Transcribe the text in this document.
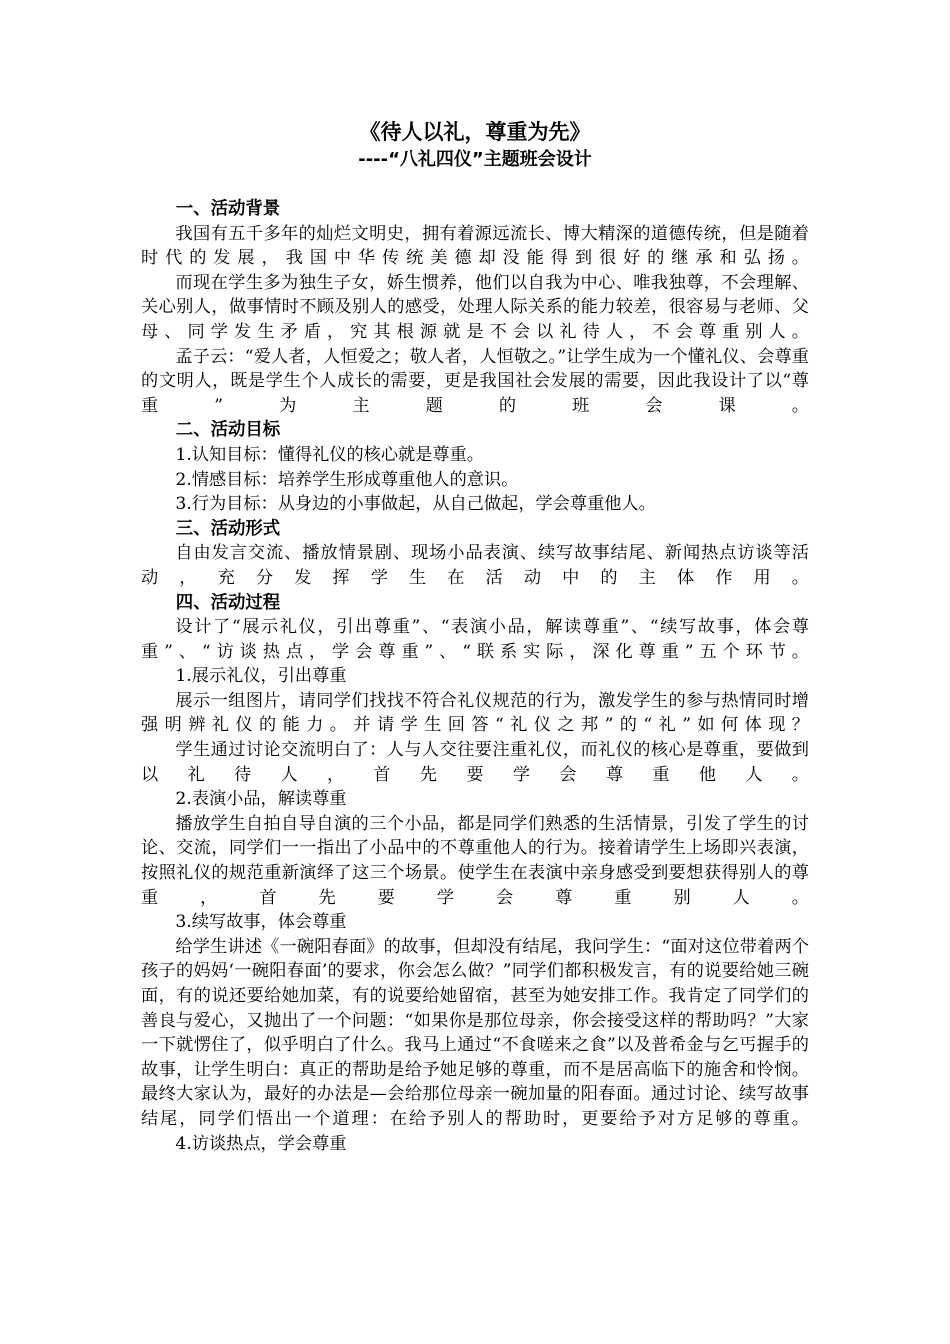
《待人以礼，尊重为先》
----“八礼四仪”主题班会设计

一、活动背景

我国有五千多年的灿烂文明史，拥有着源远流长、博大精深的道德传统，但是随着时代的发展，我国中华传统美德却没能得到很好的继承和弘扬。

而现在学生多为独生子女，娇生惯养，他们以自我为中心、唯我独尊，不会理解、关心别人，做事情时不顾及别人的感受，处理人际关系的能力较差，很容易与老师、父母、同学发生矛盾，究其根源就是不会以礼待人，不会尊重别人。

孟子云：“爱人者，人恒爱之；敬人者，人恒敬之。”让学生成为一个懂礼仪、会尊重的文明人，既是学生个人成长的需要，更是我国社会发展的需要，因此我设计了以“尊重”为主题的班会课。

二、活动目标

1.认知目标：懂得礼仪的核心就是尊重。

2.情感目标：培养学生形成尊重他人的意识。

3.行为目标：从身边的小事做起，从自己做起，学会尊重他人。

三、活动形式

自由发言交流、播放情景剧、现场小品表演、续写故事结尾、新闻热点访谈等活动，充分发挥学生在活动中的主体作用。

四、活动过程

设计了“展示礼仪，引出尊重”、“表演小品，解读尊重”、“续写故事，体会尊重”、“访谈热点，学会尊重”、“联系实际，深化尊重”五个环节。

1.展示礼仪，引出尊重

展示一组图片，请同学们找找不符合礼仪规范的行为，激发学生的参与热情同时增强明辨礼仪的能力。并请学生回答“礼仪之邦”的“礼”如何体现？

学生通过讨论交流明白了：人与人交往要注重礼仪，而礼仪的核心是尊重，要做到以礼待人，首先要学会尊重他人。

2.表演小品，解读尊重

播放学生自拍自导自演的三个小品，都是同学们熟悉的生活情景，引发了学生的讨论、交流，同学们一一指出了小品中的不尊重他人的行为。接着请学生上场即兴表演，按照礼仪的规范重新演绎了这三个场景。使学生在表演中亲身感受到要想获得别人的尊重，首先要学会尊重别人。

3.续写故事，体会尊重

给学生讲述《一碗阳春面》的故事，但却没有结尾，我问学生：“面对这位带着两个孩子的妈妈‘一碗阳春面’的要求，你会怎么做？”同学们都积极发言，有的说要给她三碗面，有的说还要给她加菜，有的说要给她留宿，甚至为她安排工作。我肯定了同学们的善良与爱心，又抛出了一个问题：“如果你是那位母亲，你会接受这样的帮助吗？”大家一下就愣住了，似乎明白了什么。我马上通过“不食嗟来之食”以及普希金与乞丐握手的故事，让学生明白：真正的帮助是给予她足够的尊重，而不是居高临下的施舍和怜悯。最终大家认为，最好的办法是—会给那位母亲一碗加量的阳春面。通过讨论、续写故事结尾，同学们悟出一个道理：在给予别人的帮助时，更要给予对方足够的尊重。

4.访谈热点，学会尊重
